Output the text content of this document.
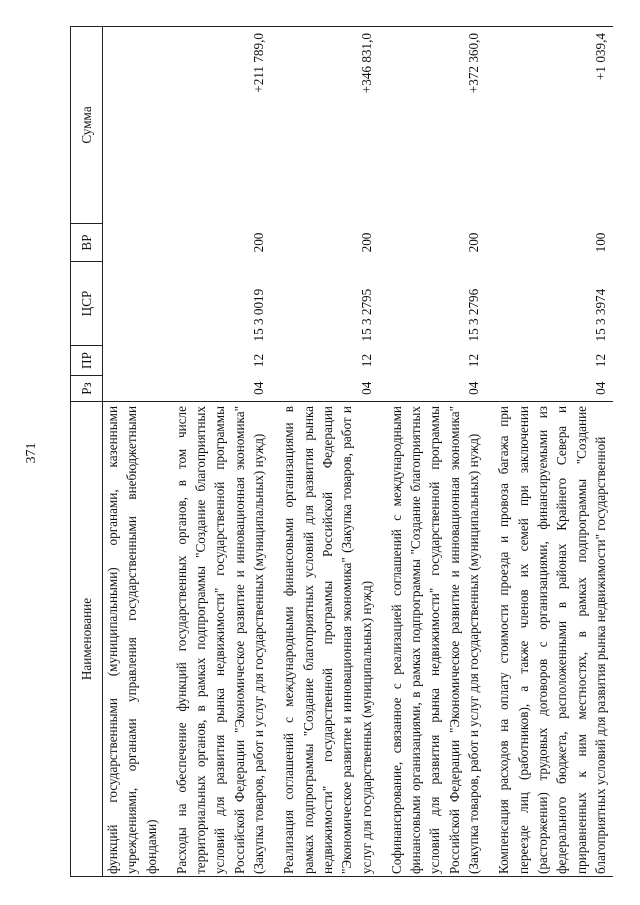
371
Наименование	Рз	ПР	ЦСР	ВР	Сумма
функций государственными (муниципальными) органами, казенными учреждениями, органами управления государственными внебюджетными фондами)					
Расходы на обеспечение функций государственных органов, в том числе территориальных органов, в рамках подпрограммы "Создание благоприятных условий для развития рынка недвижимости" государственной программы Российской Федерации "Экономическое развитие и инновационная экономика" (Закупка товаров, работ и услуг для государственных (муниципальных) нужд)	04	12	15 3 0019	200	+211 789,0
Реализация соглашений с международными финансовыми организациями в рамках подпрограммы "Создание благоприятных условий для развития рынка недвижимости" государственной программы Российской Федерации "Экономическое развитие и инновационная экономика" (Закупка товаров, работ и услуг для государственных (муниципальных) нужд)	04	12	15 3 2795	200	+346 831,0
Софинансирование, связанное с реализацией соглашений с международными финансовыми организациями, в рамках подпрограммы "Создание благоприятных условий для развития рынка недвижимости" государственной программы Российской Федерации "Экономическое развитие и инновационная экономика" (Закупка товаров, работ и услуг для государственных (муниципальных) нужд)	04	12	15 3 2796	200	+372 360,0
Компенсация расходов на оплату стоимости проезда и провоза багажа при переезде лиц (работников), а также членов их семей при заключении (расторжении) трудовых договоров с организациями, финансируемыми из федерального бюджета, расположенными в районах Крайнего Севера и приравненных к ним местностях, в рамках подпрограммы "Создание благоприятных условий для развития рынка недвижимости" государственной	04	12	15 3 3974	100	+1 039,4
